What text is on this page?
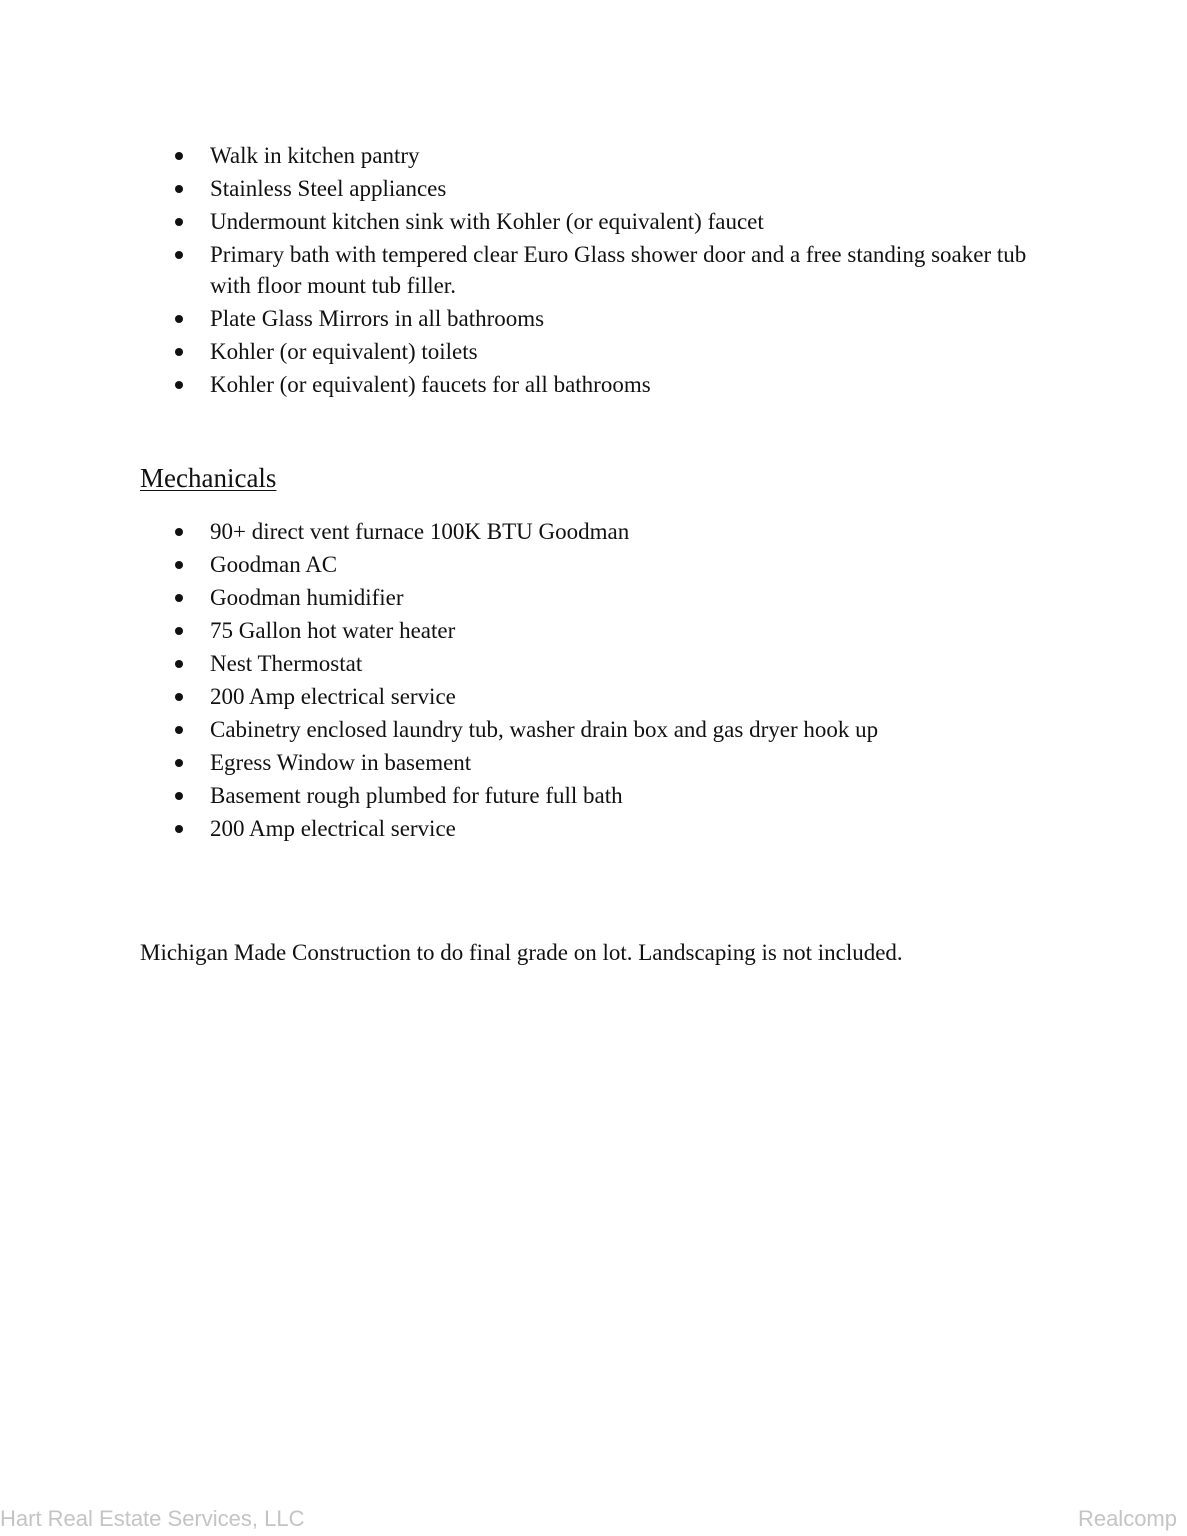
Walk in kitchen pantry
Stainless Steel appliances
Undermount kitchen sink with Kohler (or equivalent) faucet
Primary bath with tempered clear Euro Glass shower door and a free standing soaker tub with floor mount tub filler.
Plate Glass Mirrors in all bathrooms
Kohler (or equivalent) toilets
Kohler (or equivalent) faucets for all bathrooms
Mechanicals
90+ direct vent furnace 100K BTU Goodman
Goodman AC
Goodman humidifier
75 Gallon hot water heater
Nest Thermostat
200 Amp electrical service
Cabinetry enclosed laundry tub, washer drain box and gas dryer hook up
Egress Window in basement
Basement rough plumbed for future full bath
200 Amp electrical service

Michigan Made Construction to do final grade on lot. Landscaping is not included.

Hart Real Estate Services, LLC	Realcomp
